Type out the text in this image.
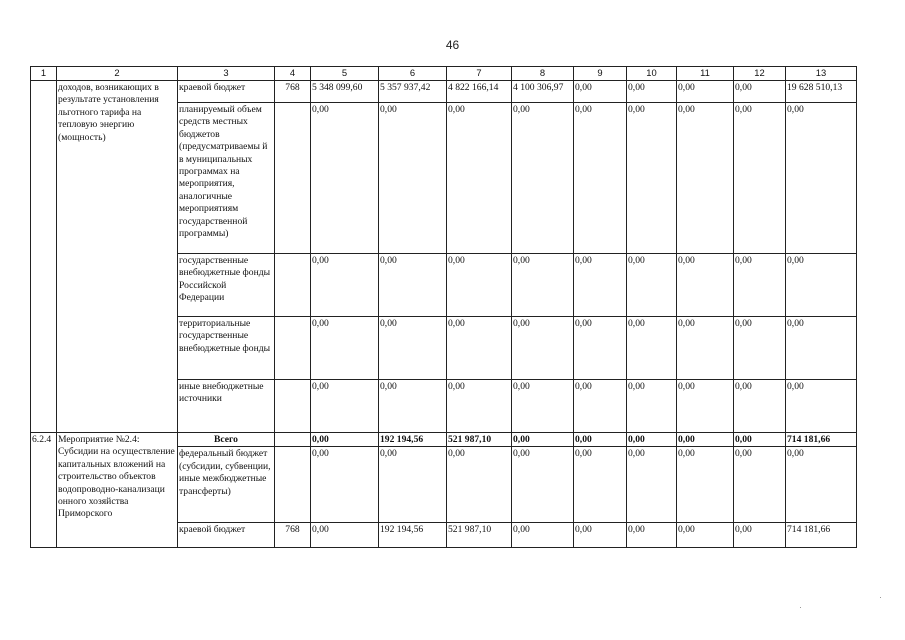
46
1	2	3	4	5	6	7	8	9	10	11	12	13
	доходов, возникающих в результате установления льготного тарифа на тепловую энергию (мощность)	краевой бюджет	768	5 348 099,60	5 357 937,42	4 822 166,14	4 100 306,97	0,00	0,00	0,00	0,00	19 628 510,13
		планируемый объем средств местных бюджетов (предусматриваемы й в муниципальных программах на мероприятия, аналогичные мероприятиям государственной программы)		0,00	0,00	0,00	0,00	0,00	0,00	0,00	0,00	0,00
		государственные внебюджетные фонды Российской Федерации		0,00	0,00	0,00	0,00	0,00	0,00	0,00	0,00	0,00
		территориальные государственные внебюджетные фонды		0,00	0,00	0,00	0,00	0,00	0,00	0,00	0,00	0,00
		иные внебюджетные источники		0,00	0,00	0,00	0,00	0,00	0,00	0,00	0,00	0,00
6.2.4	Мероприятие №2.4: Субсидии на осуществление капитальных вложений на строительство объектов водопроводно-канализаци онного хозяйства Приморского	Всего		0,00	192 194,56	521 987,10	0,00	0,00	0,00	0,00	0,00	714 181,66
		федеральный бюджет (субсидии, субвенции, иные межбюджетные трансферты)		0,00	0,00	0,00	0,00	0,00	0,00	0,00	0,00	0,00
		краевой бюджет	768	0,00	192 194,56	521 987,10	0,00	0,00	0,00	0,00	0,00	714 181,66
